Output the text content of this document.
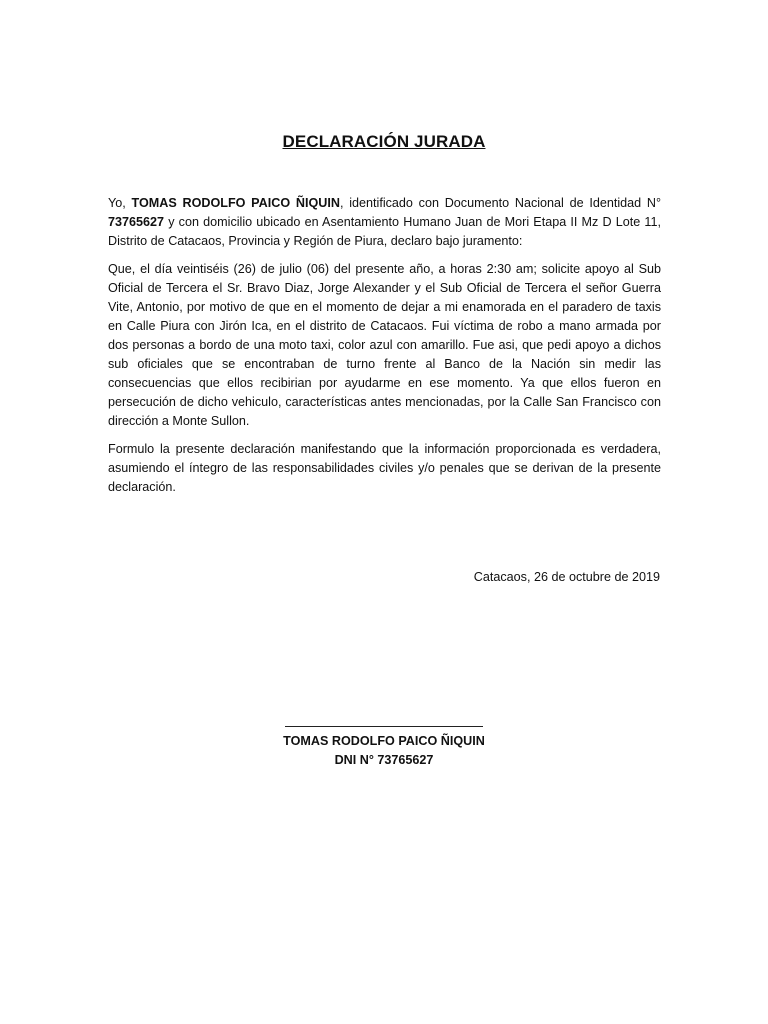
DECLARACIÓN JURADA

Yo, TOMAS RODOLFO PAICO ÑIQUIN, identificado con Documento Nacional de Identidad N° 73765627 y con domicilio ubicado en Asentamiento Humano Juan de Mori Etapa II Mz D Lote 11, Distrito de Catacaos, Provincia y Región de Piura, declaro bajo juramento:

Que, el día veintiséis (26) de julio (06) del presente año, a horas 2:30 am; solicite apoyo al Sub Oficial de Tercera el Sr. Bravo Diaz, Jorge Alexander y el Sub Oficial de Tercera el señor Guerra Vite, Antonio, por motivo de que en el momento de dejar a mi enamorada en el paradero de taxis en Calle Piura con Jirón Ica, en el distrito de Catacaos. Fui víctima de robo a mano armada por dos personas a bordo de una moto taxi, color azul con amarillo. Fue asi, que pedi apoyo a dichos sub oficiales que se encontraban de turno frente al Banco de la Nación sin medir las consecuencias que ellos recibirian por ayudarme en ese momento. Ya que ellos fueron en persecución de dicho vehiculo, características antes mencionadas, por la Calle San Francisco con dirección a Monte Sullon.

Formulo la presente declaración manifestando que la información proporcionada es verdadera, asumiendo el íntegro de las responsabilidades civiles y/o penales que se derivan de la presente declaración.

Catacaos, 26 de octubre de 2019
TOMAS RODOLFO PAICO ÑIQUIN
DNI N° 73765627
